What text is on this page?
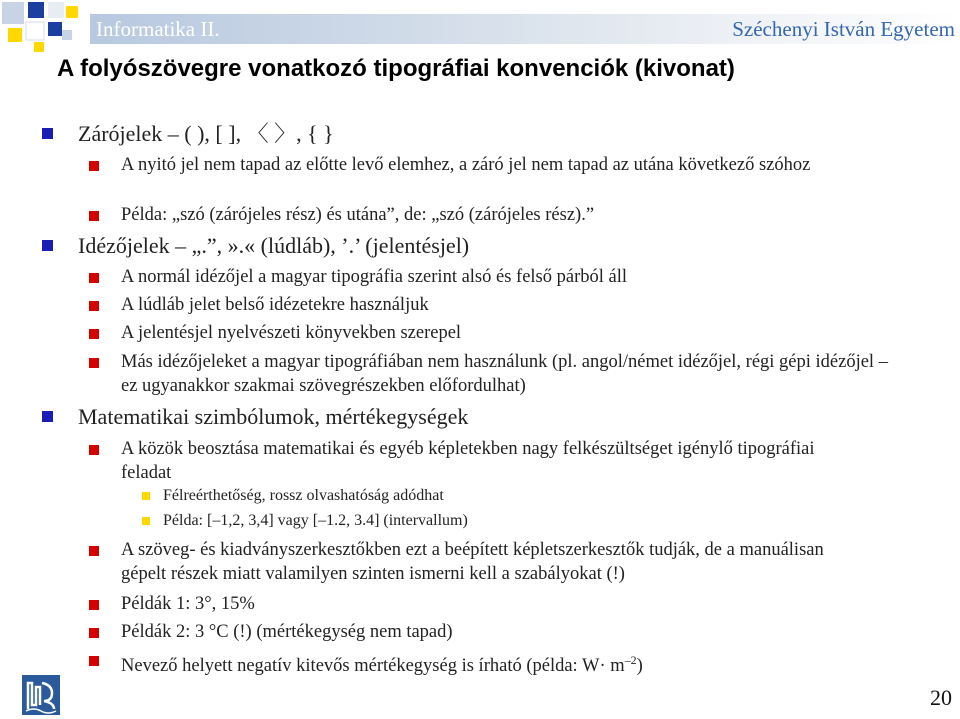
Informatika II.	Széchenyi István Egyetem
A folyószövegre vonatkozó tipográfiai konvenciók (kivonat)
Zárójelek – ( ), [ ], 〈 〉, { }
A nyitó jel nem tapad az előtte levő elemhez, a záró jel nem tapad az utána következő szóhoz
Példa: „szó (zárójeles rész) és utána”, de: „szó (zárójeles rész).”
Idézőjelek – „.”, ».« (lúdláb), ’.’ (jelentésjel)
A normál idézőjel a magyar tipográfia szerint alsó és felső párból áll
A lúdláb jelet belső idézetekre használjuk
A jelentésjel nyelvészeti könyvekben szerepel
Más idézőjeleket a magyar tipográfiában nem használunk (pl. angol/német idézőjel, régi gépi idézőjel – ez ugyanakkor szakmai szövegrészekben előfordulhat)
Matematikai szimbólumok, mértékegységek
A közök beosztása matematikai és egyéb képletekben nagy felkészültséget igénylő tipográfiai feladat
Félreérthetőség, rossz olvashatóság adódhat
Példa: [–1,2, 3,4] vagy [–1.2, 3.4] (intervallum)
A szöveg- és kiadványszerkesztőkben ezt a beépített képletszerkesztők tudják, de a manuálisan gépelt részek miatt valamilyen szinten ismerni kell a szabályokat (!)
Példák 1: 3°, 15%
Példák 2: 3 °C (!) (mértékegység nem tapad)
Nevező helyett negatív kitevős mértékegység is írható (példa: $W\cdot m^{-2}$)
20
